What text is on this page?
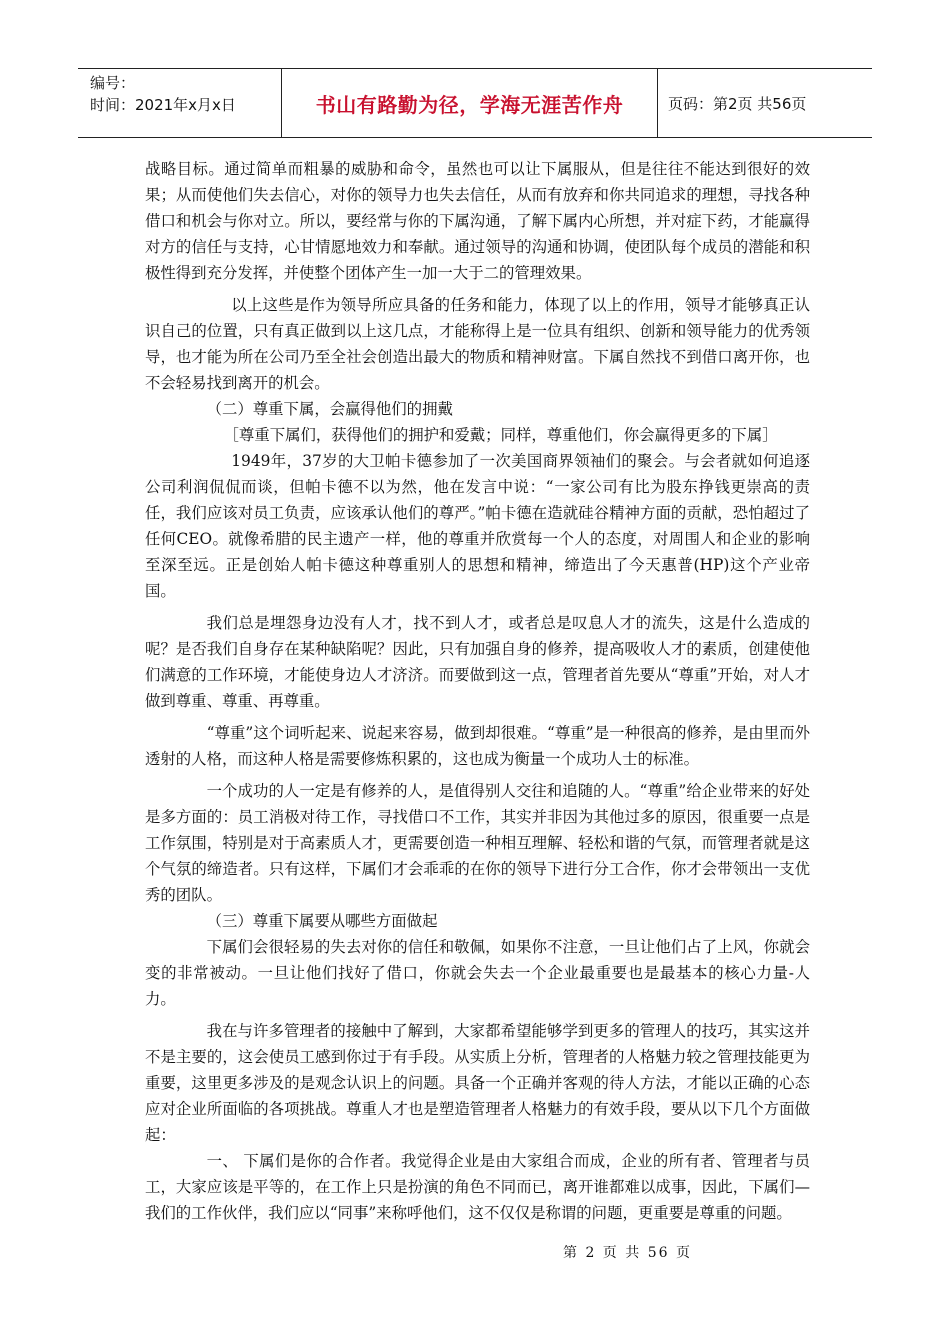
编号：
时间：2021年x月x日	书山有路勤为径，学海无涯苦作舟	页码：第2页 共56页

战略目标。通过简单而粗暴的威胁和命令，虽然也可以让下属服从，但是往往不能达到很好的效果；从而使他们失去信心，对你的领导力也失去信任，从而有放弃和你共同追求的理想，寻找各种借口和机会与你对立。所以，要经常与你的下属沟通，了解下属内心所想，并对症下药，才能赢得对方的信任与支持，心甘情愿地效力和奉献。通过领导的沟通和协调，使团队每个成员的潜能和积极性得到充分发挥，并使整个团体产生一加一大于二的管理效果。

以上这些是作为领导所应具备的任务和能力，体现了以上的作用，领导才能够真正认识自己的位置，只有真正做到以上这几点，才能称得上是一位具有组织、创新和领导能力的优秀领导，也才能为所在公司乃至全社会创造出最大的物质和精神财富。下属自然找不到借口离开你，也不会轻易找到离开的机会。

（二）尊重下属，会赢得他们的拥戴

［尊重下属们，获得他们的拥护和爱戴；同样，尊重他们，你会赢得更多的下属］

1949年，37岁的大卫帕卡德参加了一次美国商界领袖们的聚会。与会者就如何追逐公司利润侃侃而谈，但帕卡德不以为然，他在发言中说：“一家公司有比为股东挣钱更崇高的责任，我们应该对员工负责，应该承认他们的尊严。”帕卡德在造就硅谷精神方面的贡献，恐怕超过了任何CEO。就像希腊的民主遗产一样，他的尊重并欣赏每一个人的态度，对周围人和企业的影响至深至远。正是创始人帕卡德这种尊重别人的思想和精神，缔造出了今天惠普(HP)这个产业帝国。

我们总是埋怨身边没有人才，找不到人才，或者总是叹息人才的流失，这是什么造成的呢？是否我们自身存在某种缺陷呢？因此，只有加强自身的修养，提高吸收人才的素质，创建使他们满意的工作环境，才能使身边人才济济。而要做到这一点，管理者首先要从“尊重”开始，对人才做到尊重、尊重、再尊重。

“尊重”这个词听起来、说起来容易，做到却很难。“尊重”是一种很高的修养，是由里而外透射的人格，而这种人格是需要修炼积累的，这也成为衡量一个成功人士的标准。

一个成功的人一定是有修养的人，是值得别人交往和追随的人。“尊重”给企业带来的好处是多方面的：员工消极对待工作，寻找借口不工作，其实并非因为其他过多的原因，很重要一点是工作氛围，特别是对于高素质人才，更需要创造一种相互理解、轻松和谐的气氛，而管理者就是这个气氛的缔造者。只有这样，下属们才会乖乖的在你的领导下进行分工合作，你才会带领出一支优秀的团队。

（三）尊重下属要从哪些方面做起

下属们会很轻易的失去对你的信任和敬佩，如果你不注意，一旦让他们占了上风，你就会变的非常被动。一旦让他们找好了借口，你就会失去一个企业最重要也是最基本的核心力量-人力。

我在与许多管理者的接触中了解到，大家都希望能够学到更多的管理人的技巧，其实这并不是主要的，这会使员工感到你过于有手段。从实质上分析，管理者的人格魅力较之管理技能更为重要，这里更多涉及的是观念认识上的问题。具备一个正确并客观的待人方法，才能以正确的心态应对企业所面临的各项挑战。尊重人才也是塑造管理者人格魅力的有效手段，要从以下几个方面做起：

一、 下属们是你的合作者。我觉得企业是由大家组合而成，企业的所有者、管理者与员工，大家应该是平等的，在工作上只是扮演的角色不同而已，离开谁都难以成事，因此，下属们—我们的工作伙伴，我们应以“同事”来称呼他们，这不仅仅是称谓的问题，更重要是尊重的问题。

第 2 页 共 56 页
